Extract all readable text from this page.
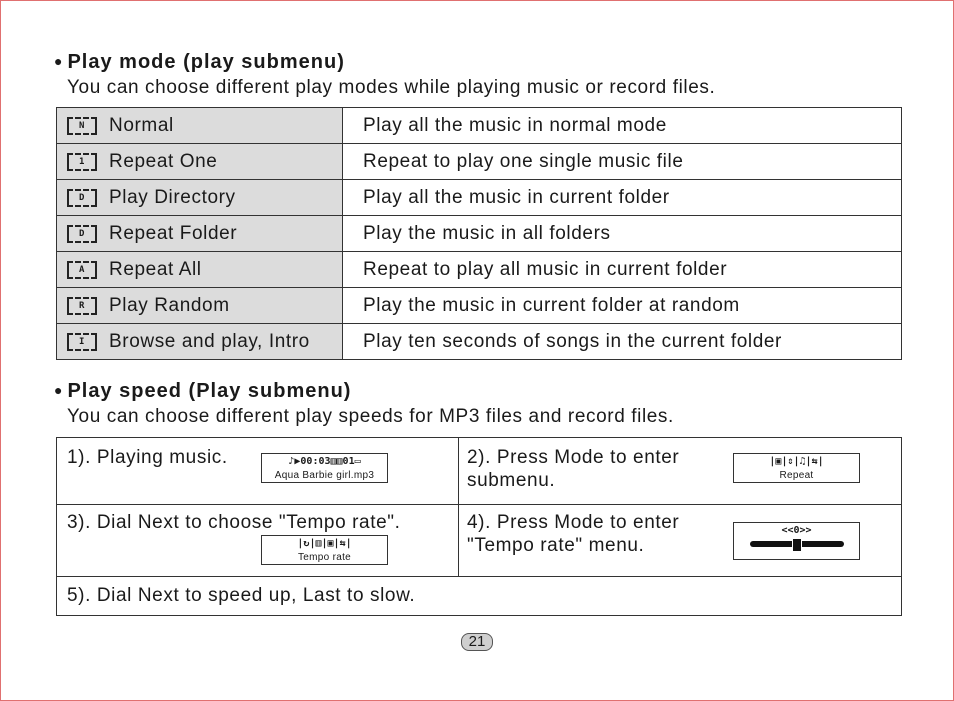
● Play mode (play submenu)
You can choose different play modes while playing music or record files.
N Normal	Play all the music in normal mode

1 Repeat One	Repeat to play one single music file

D Play Directory	Play all the music in current folder

D Repeat Folder	Play the music in all folders

A Repeat All	Repeat to play all music in current folder

R Play Random	Play the music in current folder at random

I Browse and play, Intro	Play ten seconds of songs in the current folder
● Play speed (Play submenu)
You can choose different play speeds for MP3 files and record files.
1). Playing music.	♪▶00:03▥▥01▭
Aqua Barbie girl.mp3
2). Press Mode to enter submenu.
|▣|⇕|♫|⇆|
Repeat
3). Dial Next to choose "Tempo rate".
|↻|▥|▣|⇆|
Tempo rate
4). Press Mode to enter "Tempo rate" menu.
<<0>>
5). Dial Next to speed up, Last to slow.
21
